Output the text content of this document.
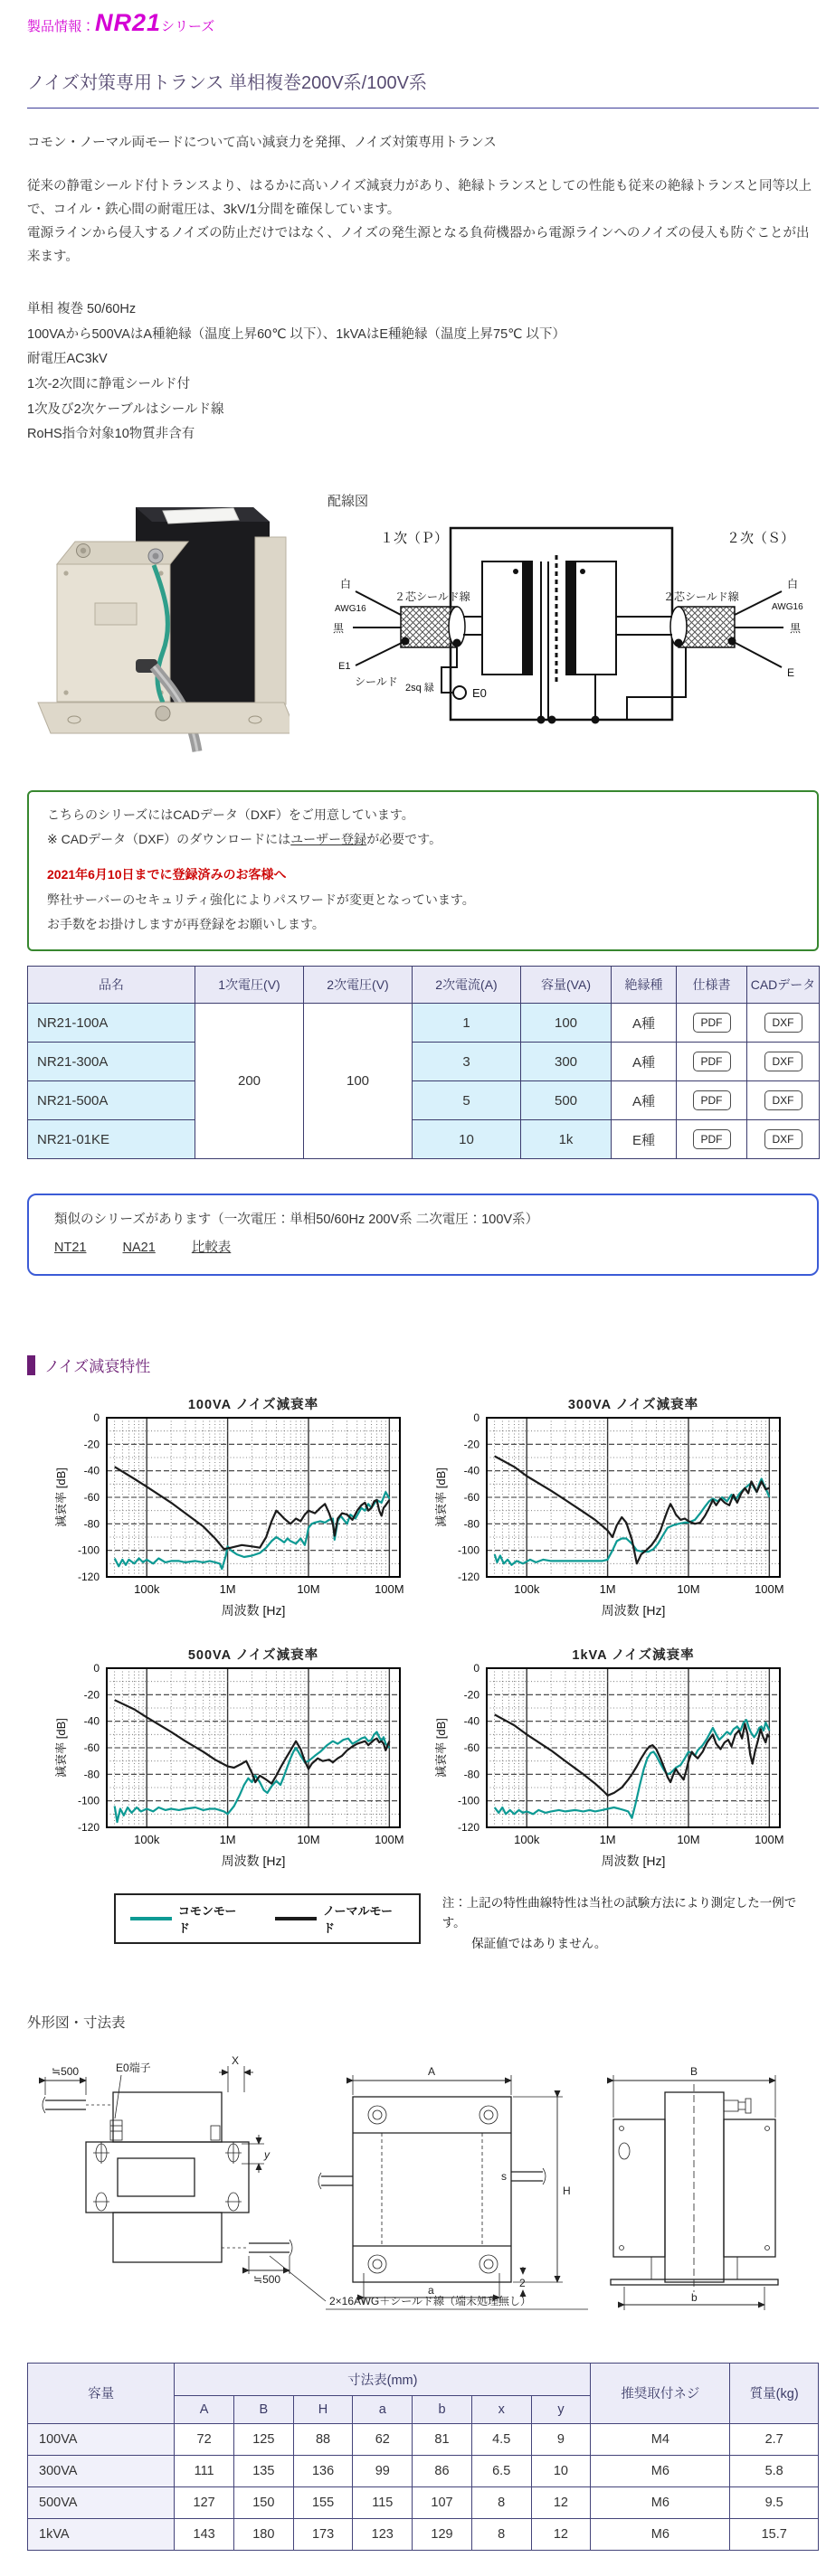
製品情報：NR21シリーズ
ノイズ対策専用トランス 単相複巻200V系/100V系
コモン・ノーマル両モードについて高い減衰力を発揮、ノイズ対策専用トランス
従来の静電シールド付トランスより、はるかに高いノイズ減衰力があり、絶縁トランスとしての性能も従来の絶縁トランスと同等以上で、コイル・鉄心間の耐電圧は、3kV/1分間を確保しています。
電源ラインから侵入するノイズの防止だけではなく、ノイズの発生源となる負荷機器から電源ラインへのノイズの侵入も防ぐことが出来ます。
単相 複巻 50/60Hz
100VAから500VAはA種絶縁（温度上昇60℃ 以下）、1kVAはE種絶縁（温度上昇75℃ 以下）
耐電圧AC3kV
1次-2次間に静電シールド付
1次及び2次ケーブルはシールド線
RoHS指令対象10物質非含有
配線図
１次（Ｐ）	２次（Ｓ）
白
AWG16
黒
E1
シールド
２芯シールド線
E0
2sq 緑
白
AWG16
黒
E
２芯シールド線
こちらのシリーズにはCADデータ（DXF）をご用意しています。
※ CADデータ（DXF）のダウンロードにはユーザー登録が必要です。
2021年6月10日までに登録済みのお客様へ
弊社サーバーのセキュリティ強化によりパスワードが変更となっています。
お手数をお掛けしますが再登録をお願いします。
品名	1次電圧(V)	2次電圧(V)	2次電流(A)	容量(VA)	絶縁種	仕様書	CADデータ
NR21-100A	200	100	1	100	A種	PDF	DXF
NR21-300A			3	300	A種	PDF	DXF
NR21-500A			5	500	A種	PDF	DXF
NR21-01KE			10	1k	E種	PDF	DXF
類似のシリーズがあります（一次電圧：単相50/60Hz 200V系 二次電圧：100V系）
NT21	NA21	比較表
ノイズ減衰特性
0
-20
-40
-60
-80
-100
-120
100k	1M	10M	100M
100VA ノイズ減衰率
周波数 [Hz]
減衰率 [dB]
0
-20
-40
-60
-80
-100
-120
100k	1M	10M	100M
300VA ノイズ減衰率
周波数 [Hz]
減衰率 [dB]
0
-20
-40
-60
-80
-100
-120
100k	1M	10M	100M
500VA ノイズ減衰率
周波数 [Hz]
減衰率 [dB]
0
-20
-40
-60
-80
-100
-120
100k	1M	10M	100M
1kVA ノイズ減衰率
周波数 [Hz]
減衰率 [dB]
コモンモード
ノーマルモード
注：上記の特性曲線特性は当社の試験方法により測定した一例です。
保証値ではありません。
外形図・寸法表
≒500	E0端子
X
y
≒500
2×16AWG＋シールド線（端末処理無し）
s
A
H
a
2
B
b
容量	寸法表(mm)							推奨取付ネジ	質量(kg)
	A	B	H	a	b	x	y		
100VA	72	125	88	62	81	4.5	9	M4	2.7
300VA	111	135	136	99	86	6.5	10	M6	5.8
500VA	127	150	155	115	107	8	12	M6	9.5
1kVA	143	180	173	123	129	8	12	M6	15.7
